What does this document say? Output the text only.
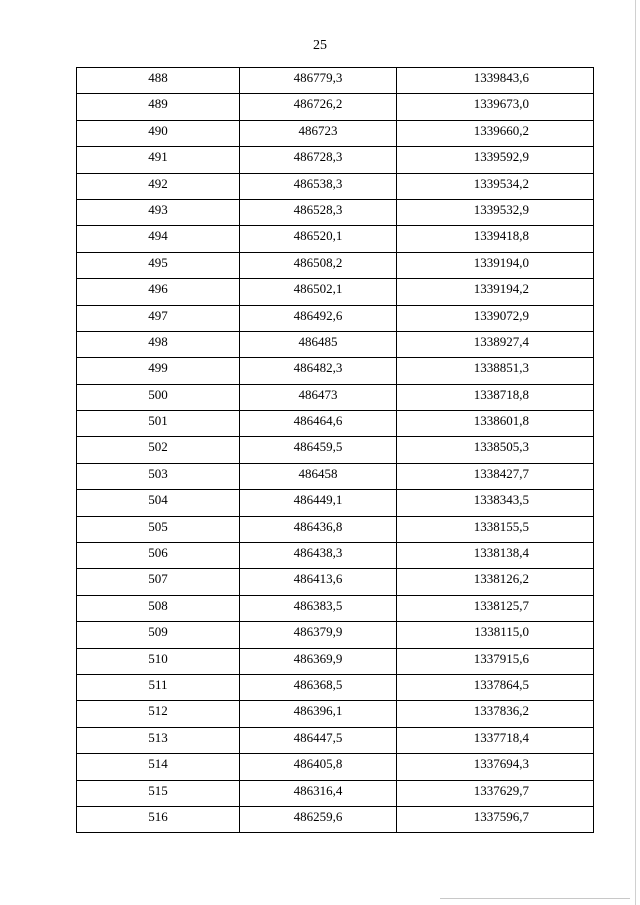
25
488	486779,3	1339843,6
489	486726,2	1339673,0
490	486723	1339660,2
491	486728,3	1339592,9
492	486538,3	1339534,2
493	486528,3	1339532,9
494	486520,1	1339418,8
495	486508,2	1339194,0
496	486502,1	1339194,2
497	486492,6	1339072,9
498	486485	1338927,4
499	486482,3	1338851,3
500	486473	1338718,8
501	486464,6	1338601,8
502	486459,5	1338505,3
503	486458	1338427,7
504	486449,1	1338343,5
505	486436,8	1338155,5
506	486438,3	1338138,4
507	486413,6	1338126,2
508	486383,5	1338125,7
509	486379,9	1338115,0
510	486369,9	1337915,6
511	486368,5	1337864,5
512	486396,1	1337836,2
513	486447,5	1337718,4
514	486405,8	1337694,3
515	486316,4	1337629,7
516	486259,6	1337596,7
